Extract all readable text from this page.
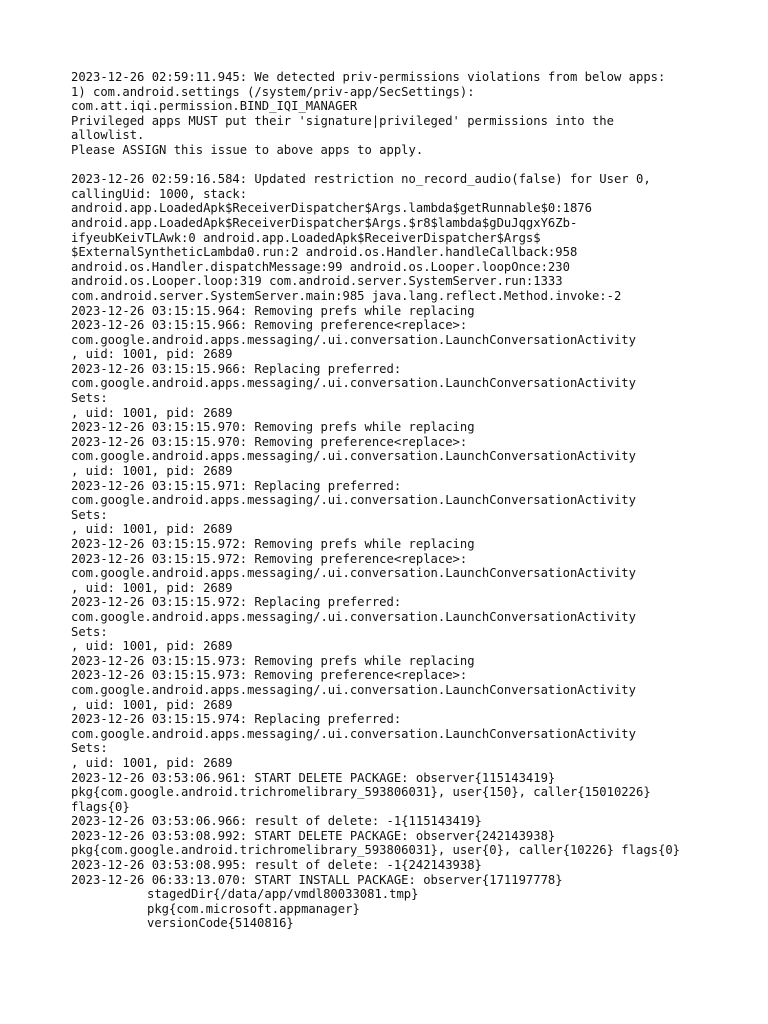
2023-12-26 02:59:11.945: We detected priv-permissions violations from below apps:
1) com.android.settings (/system/priv-app/SecSettings):
com.att.iqi.permission.BIND_IQI_MANAGER
Privileged apps MUST put their 'signature|privileged' permissions into the
allowlist.
Please ASSIGN this issue to above apps to apply.
2023-12-26 02:59:16.584: Updated restriction no_record_audio(false) for User 0,
callingUid: 1000, stack:
android.app.LoadedApk$ReceiverDispatcher$Args.lambda$getRunnable$0:1876
android.app.LoadedApk$ReceiverDispatcher$Args.$r8$lambda$gDuJqgxY6Zb-
ifyeubKeivTLAwk:0 android.app.LoadedApk$ReceiverDispatcher$Args$
$ExternalSyntheticLambda0.run:2 android.os.Handler.handleCallback:958
android.os.Handler.dispatchMessage:99 android.os.Looper.loopOnce:230
android.os.Looper.loop:319 com.android.server.SystemServer.run:1333
com.android.server.SystemServer.main:985 java.lang.reflect.Method.invoke:-2
2023-12-26 03:15:15.964: Removing prefs while replacing
2023-12-26 03:15:15.966: Removing preference<replace>:
com.google.android.apps.messaging/.ui.conversation.LaunchConversationActivity
, uid: 1001, pid: 2689
2023-12-26 03:15:15.966: Replacing preferred:
com.google.android.apps.messaging/.ui.conversation.LaunchConversationActivity
Sets:
, uid: 1001, pid: 2689
2023-12-26 03:15:15.970: Removing prefs while replacing
2023-12-26 03:15:15.970: Removing preference<replace>:
com.google.android.apps.messaging/.ui.conversation.LaunchConversationActivity
, uid: 1001, pid: 2689
2023-12-26 03:15:15.971: Replacing preferred:
com.google.android.apps.messaging/.ui.conversation.LaunchConversationActivity
Sets:
, uid: 1001, pid: 2689
2023-12-26 03:15:15.972: Removing prefs while replacing
2023-12-26 03:15:15.972: Removing preference<replace>:
com.google.android.apps.messaging/.ui.conversation.LaunchConversationActivity
, uid: 1001, pid: 2689
2023-12-26 03:15:15.972: Replacing preferred:
com.google.android.apps.messaging/.ui.conversation.LaunchConversationActivity
Sets:
, uid: 1001, pid: 2689
2023-12-26 03:15:15.973: Removing prefs while replacing
2023-12-26 03:15:15.973: Removing preference<replace>:
com.google.android.apps.messaging/.ui.conversation.LaunchConversationActivity
, uid: 1001, pid: 2689
2023-12-26 03:15:15.974: Replacing preferred:
com.google.android.apps.messaging/.ui.conversation.LaunchConversationActivity
Sets:
, uid: 1001, pid: 2689
2023-12-26 03:53:06.961: START DELETE PACKAGE: observer{115143419}
pkg{com.google.android.trichromelibrary_593806031}, user{150}, caller{15010226}
flags{0}
2023-12-26 03:53:06.966: result of delete: -1{115143419}
2023-12-26 03:53:08.992: START DELETE PACKAGE: observer{242143938}
pkg{com.google.android.trichromelibrary_593806031}, user{0}, caller{10226} flags{0}
2023-12-26 03:53:08.995: result of delete: -1{242143938}
2023-12-26 06:33:13.070: START INSTALL PACKAGE: observer{171197778}
stagedDir{/data/app/vmdl80033081.tmp}
pkg{com.microsoft.appmanager}
versionCode{5140816}
